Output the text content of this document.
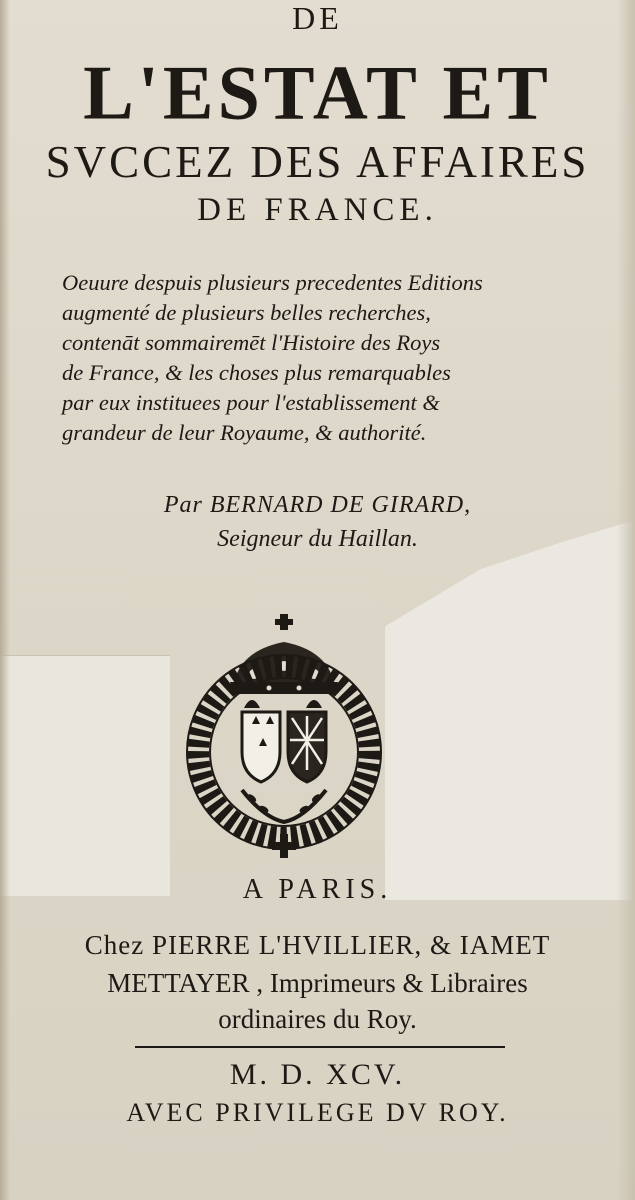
DE
L'ESTAT ET
SVCCEZ DES AFFAIRES
DE FRANCE.
Oeuure despuis plusieurs precedentes Editions
augmenté de plusieurs belles recherches,
contenāt sommairemēt l'Histoire des Roys
de France, & les choses plus remarquables
par eux instituees pour l'establissement &
grandeur de leur Royaume, & authorité.
Par BERNARD DE GIRARD,
Seigneur du Haillan.
A PARIS.
Chez PIERRE L'HVILLIER, & IAMET
METTAYER , Imprimeurs & Libraires
ordinaires du Roy.
M. D. XCV.
AVEC PRIVILEGE DV ROY.
